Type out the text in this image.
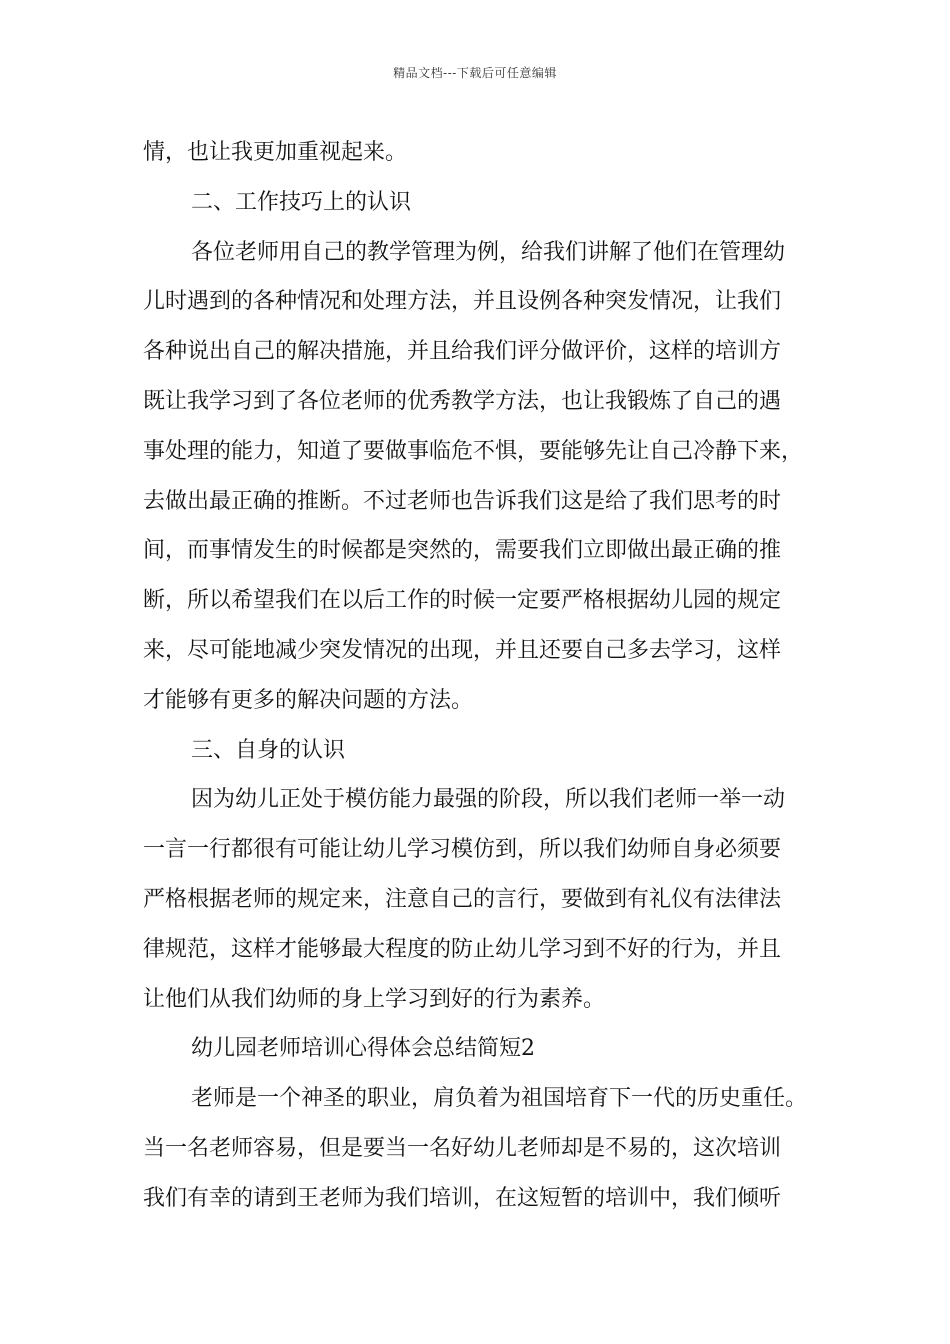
精品文档---下载后可任意编辑
情，也让我更加重视起来。
二、工作技巧上的认识
各位老师用自己的教学管理为例，给我们讲解了他们在管理幼
儿时遇到的各种情况和处理方法，并且设例各种突发情况，让我们
各种说出自己的解决措施，并且给我们评分做评价，这样的培训方
既让我学习到了各位老师的优秀教学方法，也让我锻炼了自己的遇
事处理的能力，知道了要做事临危不惧，要能够先让自己冷静下来，
去做出最正确的推断。不过老师也告诉我们这是给了我们思考的时
间，而事情发生的时候都是突然的，需要我们立即做出最正确的推
断，所以希望我们在以后工作的时候一定要严格根据幼儿园的规定
来，尽可能地减少突发情况的出现，并且还要自己多去学习，这样
才能够有更多的解决问题的方法。
三、自身的认识
因为幼儿正处于模仿能力最强的阶段，所以我们老师一举一动
一言一行都很有可能让幼儿学习模仿到，所以我们幼师自身必须要
严格根据老师的规定来，注意自己的言行，要做到有礼仪有法律法
律规范，这样才能够最大程度的防止幼儿学习到不好的行为，并且
让他们从我们幼师的身上学习到好的行为素养。
幼儿园老师培训心得体会总结简短2
老师是一个神圣的职业，肩负着为祖国培育下一代的历史重任。
当一名老师容易，但是要当一名好幼儿老师却是不易的，这次培训
我们有幸的请到王老师为我们培训，在这短暂的培训中，我们倾听
